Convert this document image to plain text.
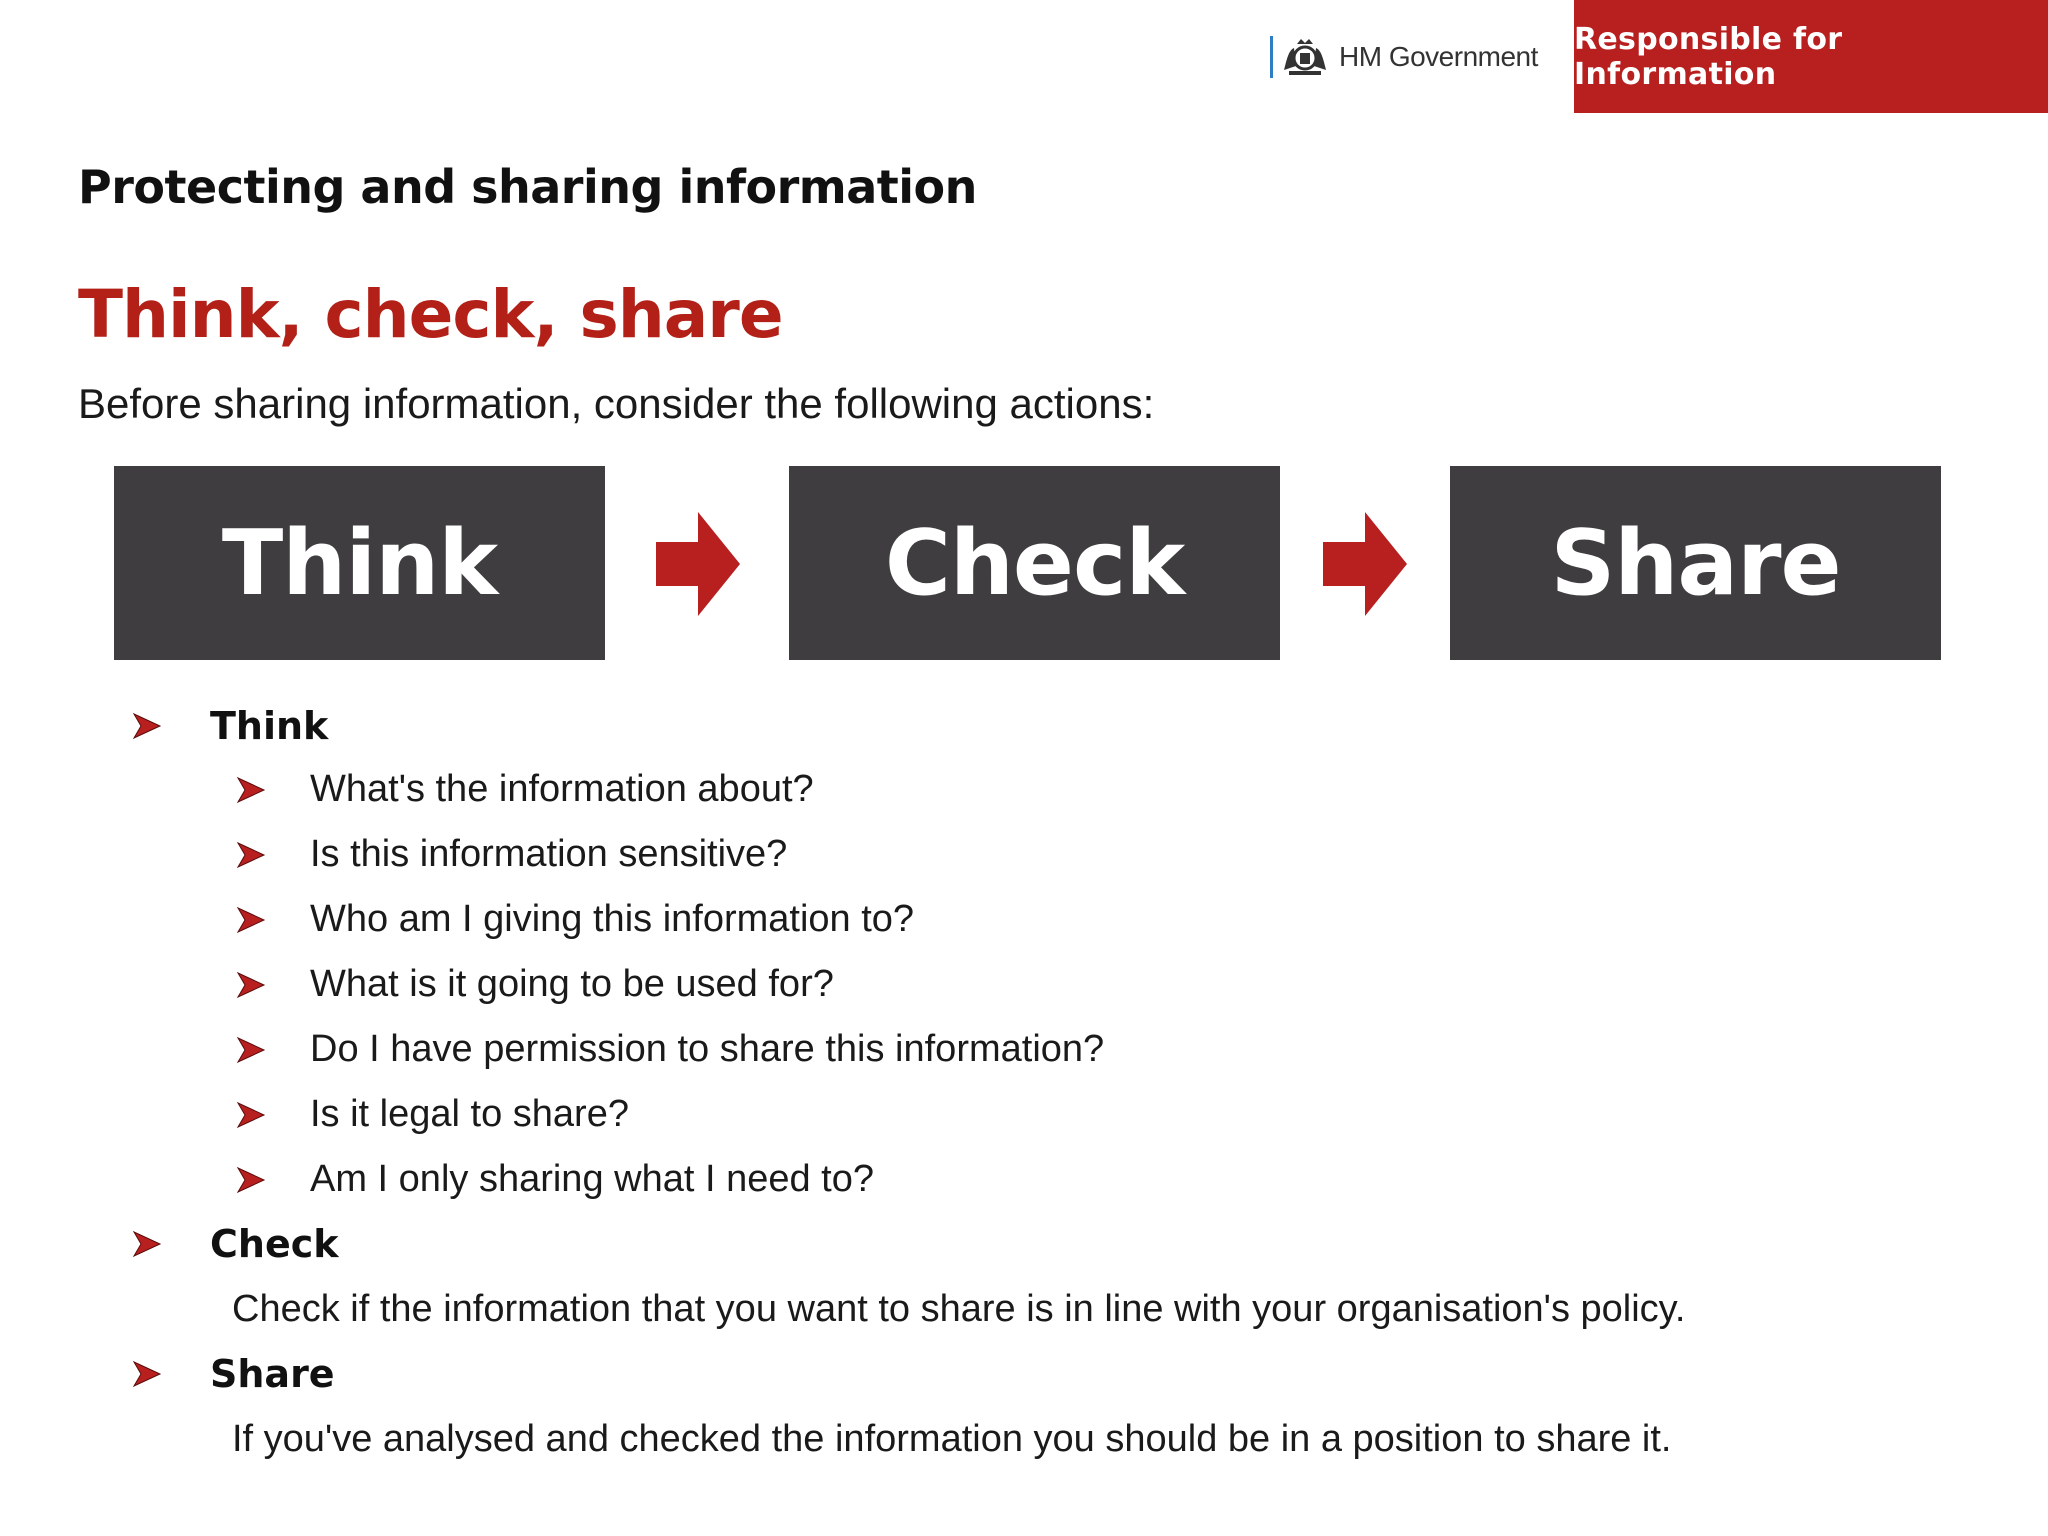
HM Government Responsible for Information
Protecting and sharing information
Think, check, share
Before sharing information, consider the following actions:
Think	Check	Share
Think
What's the information about?
Is this information sensitive?
Who am I giving this information to?
What is it going to be used for?
Do I have permission to share this information?
Is it legal to share?
Am I only sharing what I need to?
Check
Check if the information that you want to share is in line with your organisation's policy.
Share
If you've analysed and checked the information you should be in a position to share it.
